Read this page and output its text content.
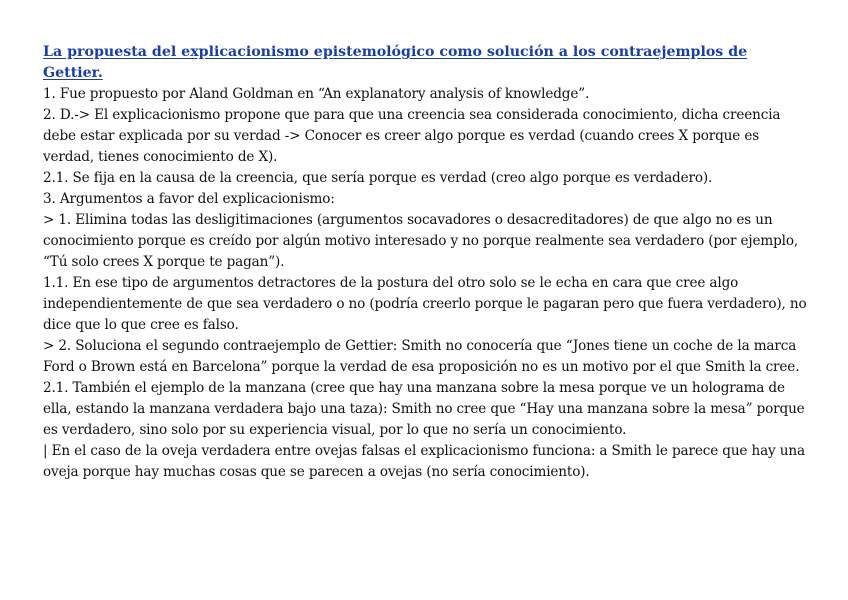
La propuesta del explicacionismo epistemológico como solución a los contraejemplos de Gettier.

1. Fue propuesto por Aland Goldman en “An explanatory analysis of knowledge”.

2. D.-> El explicacionismo propone que para que una creencia sea considerada conocimiento, dicha creencia debe estar explicada por su verdad -> Conocer es creer algo porque es verdad (cuando crees X porque es verdad, tienes conocimiento de X).

2.1. Se fija en la causa de la creencia, que sería porque es verdad (creo algo porque es verdadero).

3. Argumentos a favor del explicacionismo:

> 1. Elimina todas las desligitimaciones (argumentos socavadores o desacreditadores) de que algo no es un conocimiento porque es creído por algún motivo interesado y no porque realmente sea verdadero (por ejemplo, “Tú solo crees X porque te pagan”).

1.1. En ese tipo de argumentos detractores de la postura del otro solo se le echa en cara que cree algo independientemente de que sea verdadero o no (podría creerlo porque le pagaran pero que fuera verdadero), no dice que lo que cree es falso.

> 2. Soluciona el segundo contraejemplo de Gettier: Smith no conocería que “Jones tiene un coche de la marca Ford o Brown está en Barcelona” porque la verdad de esa proposición no es un motivo por el que Smith la cree.

2.1. También el ejemplo de la manzana (cree que hay una manzana sobre la mesa porque ve un holograma de ella, estando la manzana verdadera bajo una taza): Smith no cree que “Hay una manzana sobre la mesa” porque es verdadero, sino solo por su experiencia visual, por lo que no sería un conocimiento.

| En el caso de la oveja verdadera entre ovejas falsas el explicacionismo funciona: a Smith le parece que hay una oveja porque hay muchas cosas que se parecen a ovejas (no sería conocimiento).
